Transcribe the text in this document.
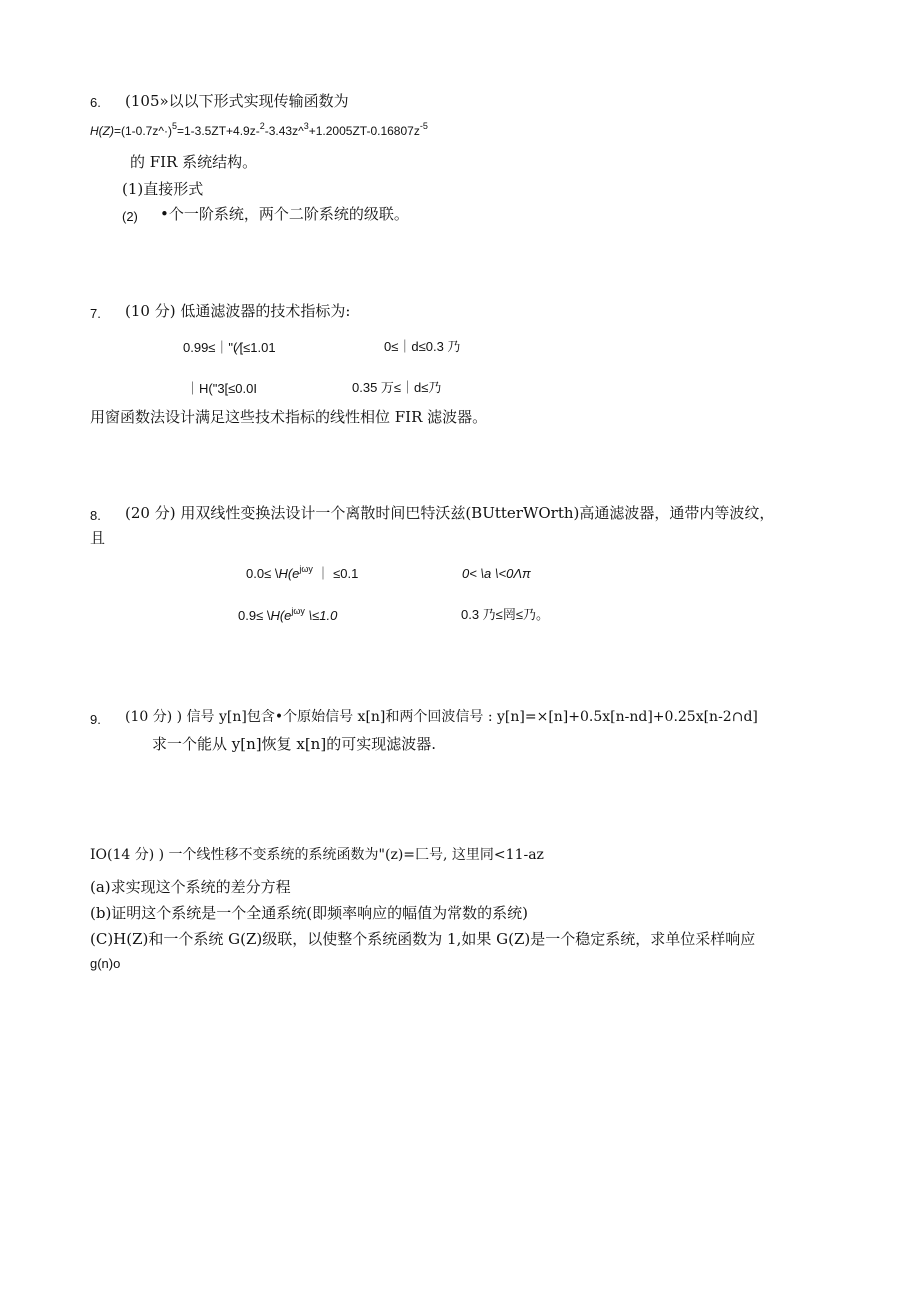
6. (105»以以下形式实现传输函数为
$H(Z)=(1-0.7z\^{}\cdot)^5=1-3.5ZT+4.9z-^2-3.43z\^{}^3+1.2005ZT-0.16807z^{-5}$
的 FIR 系统结构。
(1)直接形式
(2) •个一阶系统，两个二阶系统的级联。
7. (10 分) 低通滤波器的技术指标为:
0.99≤｜"(∕[≤1.01	0≤｜d≤0.3 乃
｜H("3[≤0.0I	0.35 万≤｜d≤乃
用窗函数法设计满足这些技术指标的线性相位 FIR 滤波器。
8. (20 分) 用双线性变换法设计一个离散时间巴特沃兹(BUtterWOrth)高通滤波器，通带内等波纹，
且
$0.0\le \backslash H(e^{j\omega y}$ ｜ ≤0.1	0< \a \<0Λπ
$0.9\le \backslash H(e^{j\omega y}$ \≤1.0	0.3 乃≤罔≤乃。
9. (10 分) ) 信号 y[n]包含•个原始信号 x[n]和两个回波信号 : y[n]=×[n]+0.5x[n-nd]+0.25x[n-2∩d]
求一个能从 y[n]恢复 x[n]的可实现滤波器.
IO(14 分) ) 一个线性移不变系统的系统函数为"(z)=匚号, 这里同<11-az
(a)求实现这个系统的差分方程
(b)证明这个系统是一个全通系统(即频率响应的幅值为常数的系统)
(C)H(Z)和一个系统 G(Z)级联，以使整个系统函数为 1,如果 G(Z)是一个稳定系统，求单位采样响应
g(n)o
